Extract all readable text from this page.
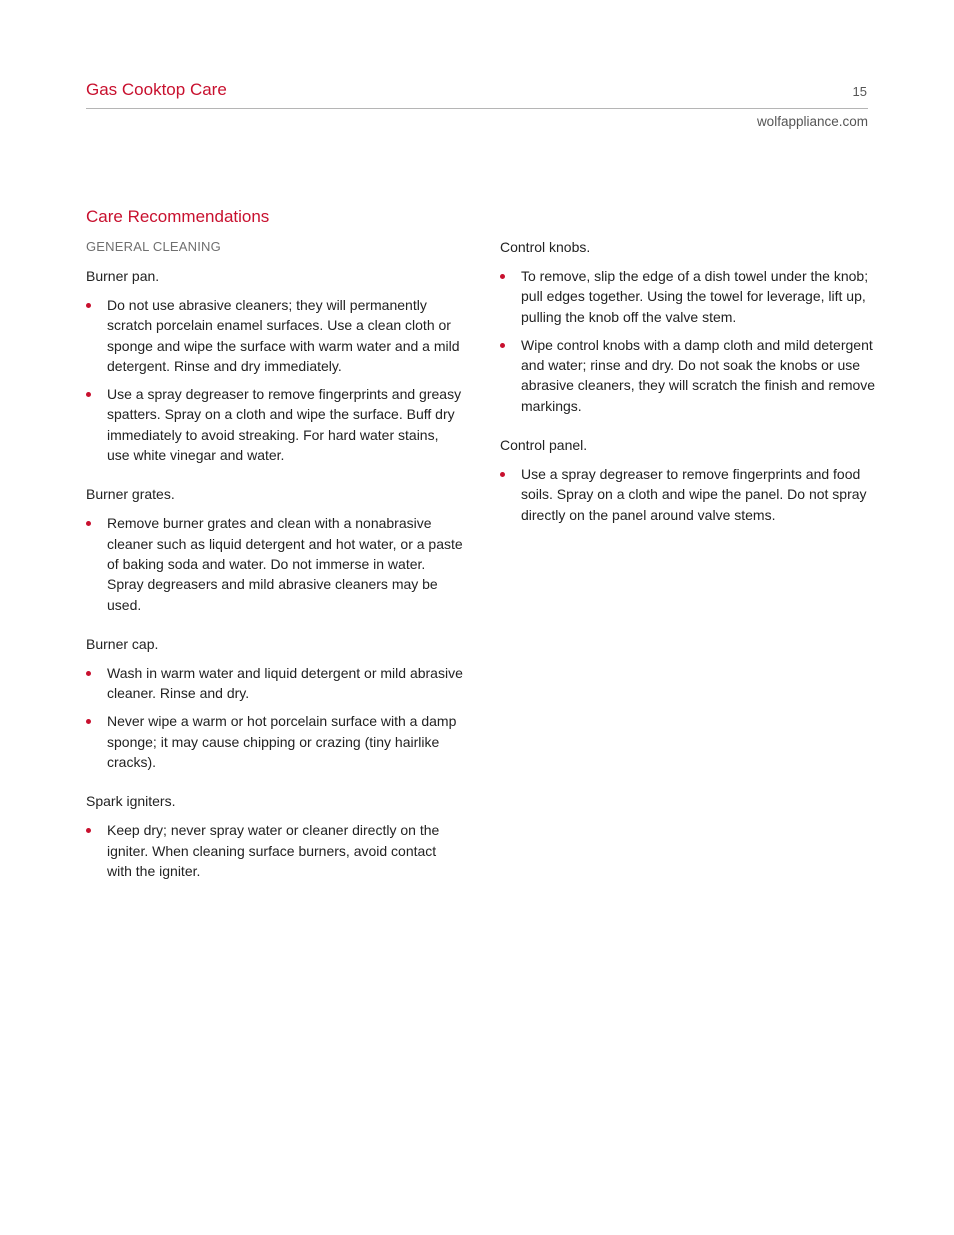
Gas Cooktop Care	15
wolfappliance.com
Care Recommendations
GENERAL CLEANING
Burner pan.
Do not use abrasive cleaners; they will permanently scratch porcelain enamel surfaces. Use a clean cloth or sponge and wipe the surface with warm water and a mild detergent. Rinse and dry immediately.
Use a spray degreaser to remove fingerprints and greasy spatters. Spray on a cloth and wipe the surface. Buff dry immediately to avoid streaking. For hard water stains, use white vinegar and water.
Burner grates.
Remove burner grates and clean with a nonabrasive cleaner such as liquid detergent and hot water, or a paste of baking soda and water. Do not immerse in water. Spray degreasers and mild abrasive cleaners may be used.
Burner cap.
Wash in warm water and liquid detergent or mild abrasive cleaner. Rinse and dry.
Never wipe a warm or hot porcelain surface with a damp sponge; it may cause chipping or crazing (tiny hairlike cracks).
Spark igniters.
Keep dry; never spray water or cleaner directly on the igniter. When cleaning surface burners, avoid contact with the igniter.
Control knobs.
To remove, slip the edge of a dish towel under the knob; pull edges together. Using the towel for leverage, lift up, pulling the knob off the valve stem.
Wipe control knobs with a damp cloth and mild detergent and water; rinse and dry. Do not soak the knobs or use abrasive cleaners, they will scratch the finish and remove markings.
Control panel.
Use a spray degreaser to remove fingerprints and food soils. Spray on a cloth and wipe the panel. Do not spray directly on the panel around valve stems.
